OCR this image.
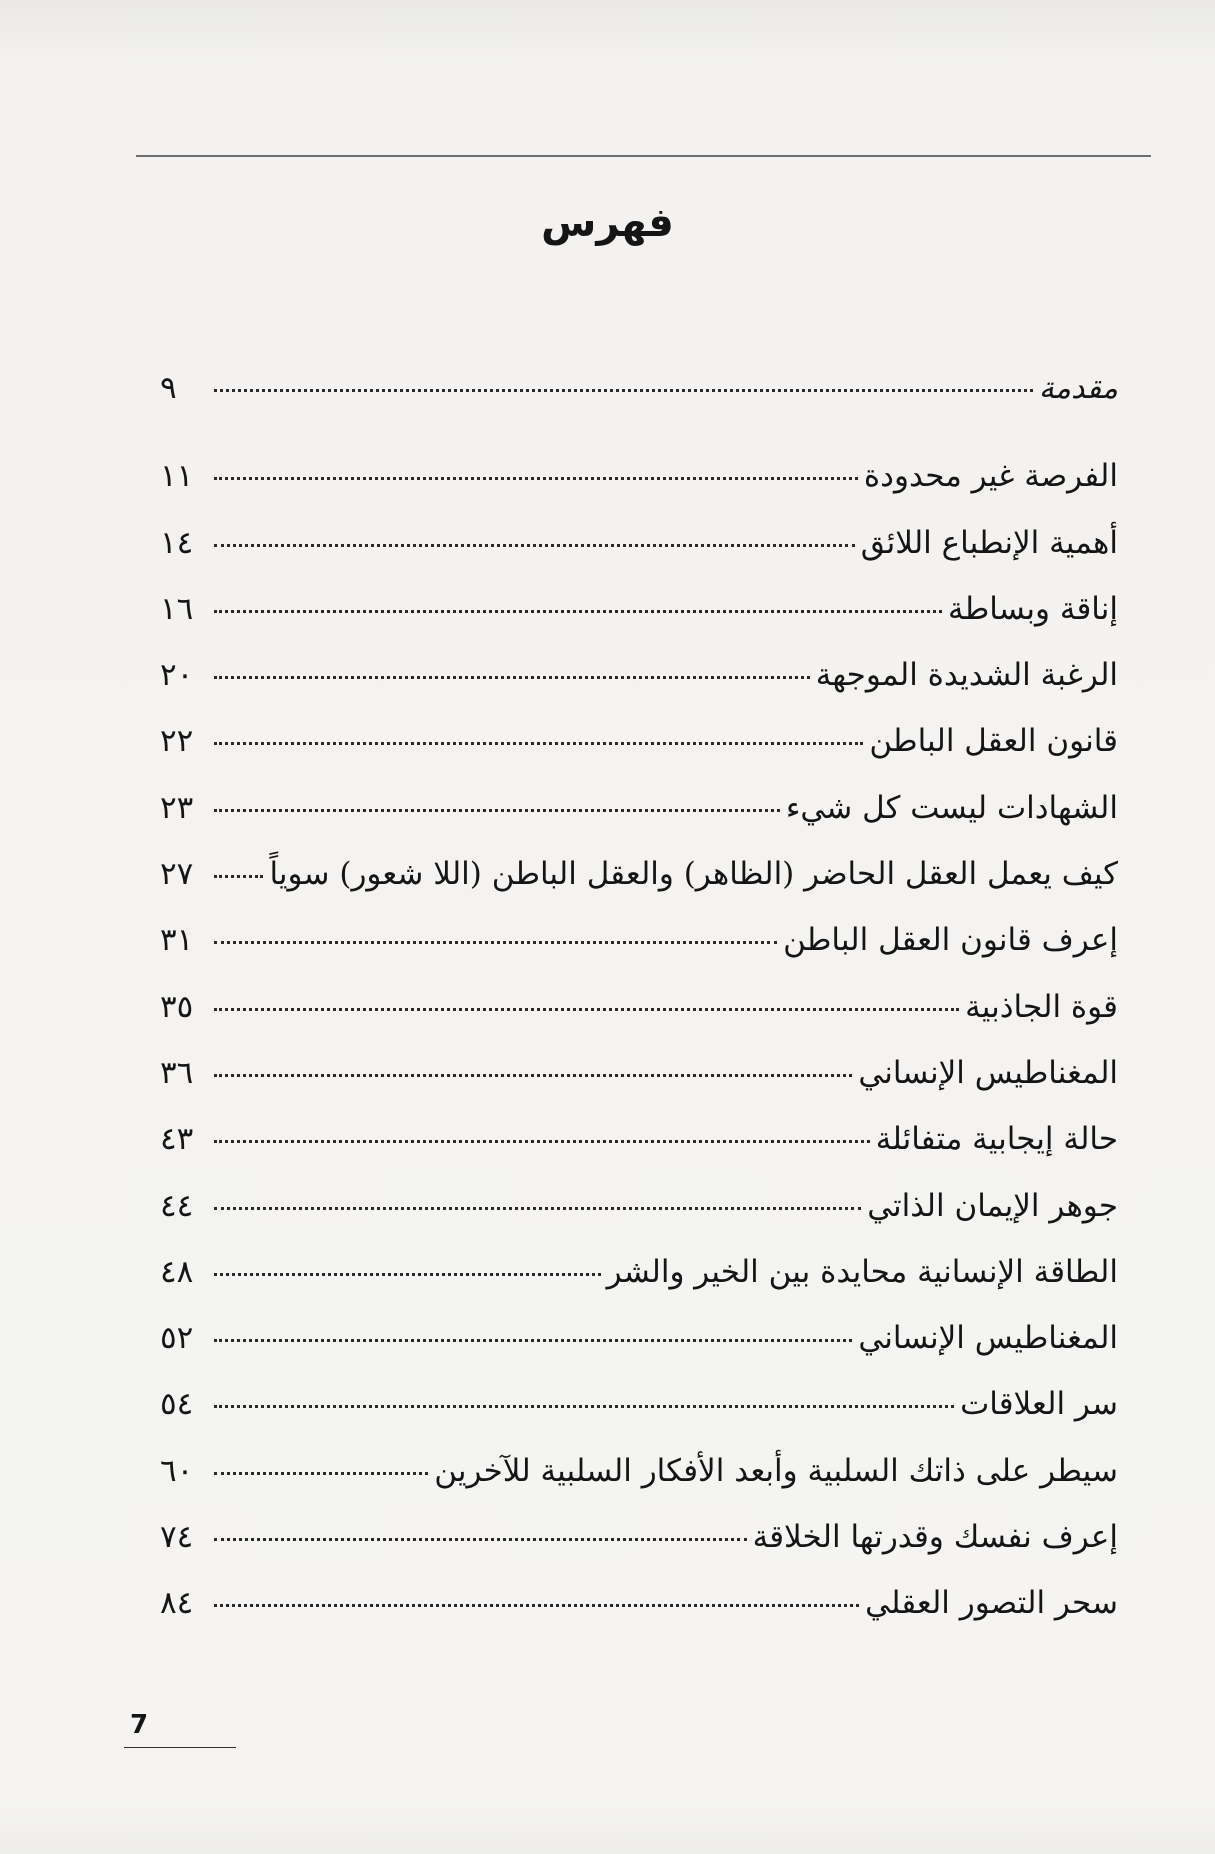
فهرس
مقدمة
٩
الفرصة غير محدودة
١١
أهمية الإنطباع اللائق
١٤
إناقة وبساطة
١٦
الرغبة الشديدة الموجهة
٢٠
قانون العقل الباطن
٢٢
الشهادات ليست كل شيء
٢٣
كيف يعمل العقل الحاضر (الظاهر) والعقل الباطن (اللا شعور) سوياً
٢٧
إعرف قانون العقل الباطن
٣١
قوة الجاذبية
٣٥
المغناطيس الإنساني
٣٦
حالة إيجابية متفائلة
٤٣
جوهر الإيمان الذاتي
٤٤
الطاقة الإنسانية محايدة بين الخير والشر
٤٨
المغناطيس الإنساني
٥٢
سر العلاقات
٥٤
سيطر على ذاتك السلبية وأبعد الأفكار السلبية للآخرين
٦٠
إعرف نفسك وقدرتها الخلاقة
٧٤
سحر التصور العقلي
٨٤
7
